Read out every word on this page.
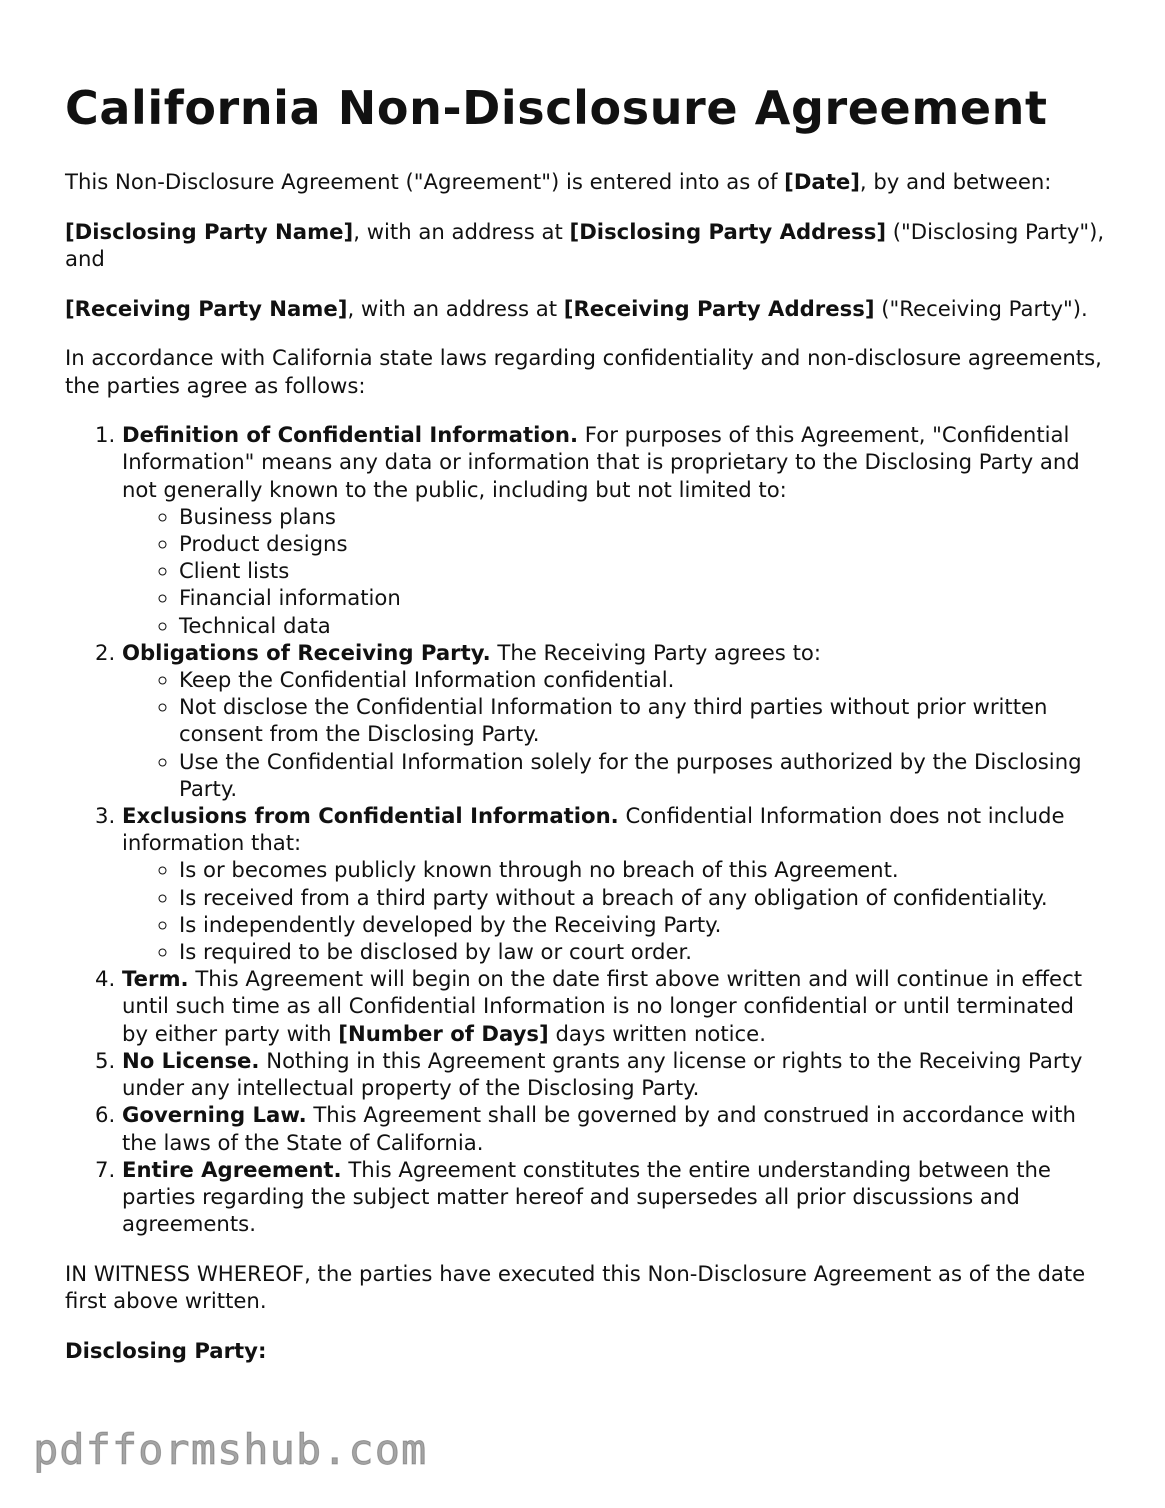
California Non-Disclosure Agreement

This Non-Disclosure Agreement ("Agreement") is entered into as of [Date], by and between:

[Disclosing Party Name], with an address at [Disclosing Party Address] ("Disclosing Party"), and

[Receiving Party Name], with an address at [Receiving Party Address] ("Receiving Party").

In accordance with California state laws regarding confidentiality and non-disclosure agreements, the parties agree as follows:

1. Definition of Confidential Information. For purposes of this Agreement, "Confidential Information" means any data or information that is proprietary to the Disclosing Party and not generally known to the public, including but not limited to:
◦ Business plans
◦ Product designs
◦ Client lists
◦ Financial information
◦ Technical data
2. Obligations of Receiving Party. The Receiving Party agrees to:
◦ Keep the Confidential Information confidential.
◦ Not disclose the Confidential Information to any third parties without prior written consent from the Disclosing Party.
◦ Use the Confidential Information solely for the purposes authorized by the Disclosing Party.
3. Exclusions from Confidential Information. Confidential Information does not include information that:
◦ Is or becomes publicly known through no breach of this Agreement.
◦ Is received from a third party without a breach of any obligation of confidentiality.
◦ Is independently developed by the Receiving Party.
◦ Is required to be disclosed by law or court order.
4. Term. This Agreement will begin on the date first above written and will continue in effect until such time as all Confidential Information is no longer confidential or until terminated by either party with [Number of Days] days written notice.
5. No License. Nothing in this Agreement grants any license or rights to the Receiving Party under any intellectual property of the Disclosing Party.
6. Governing Law. This Agreement shall be governed by and construed in accordance with the laws of the State of California.
7. Entire Agreement. This Agreement constitutes the entire understanding between the parties regarding the subject matter hereof and supersedes all prior discussions and agreements.

IN WITNESS WHEREOF, the parties have executed this Non-Disclosure Agreement as of the date first above written.

Disclosing Party:

pdfformshub.com
